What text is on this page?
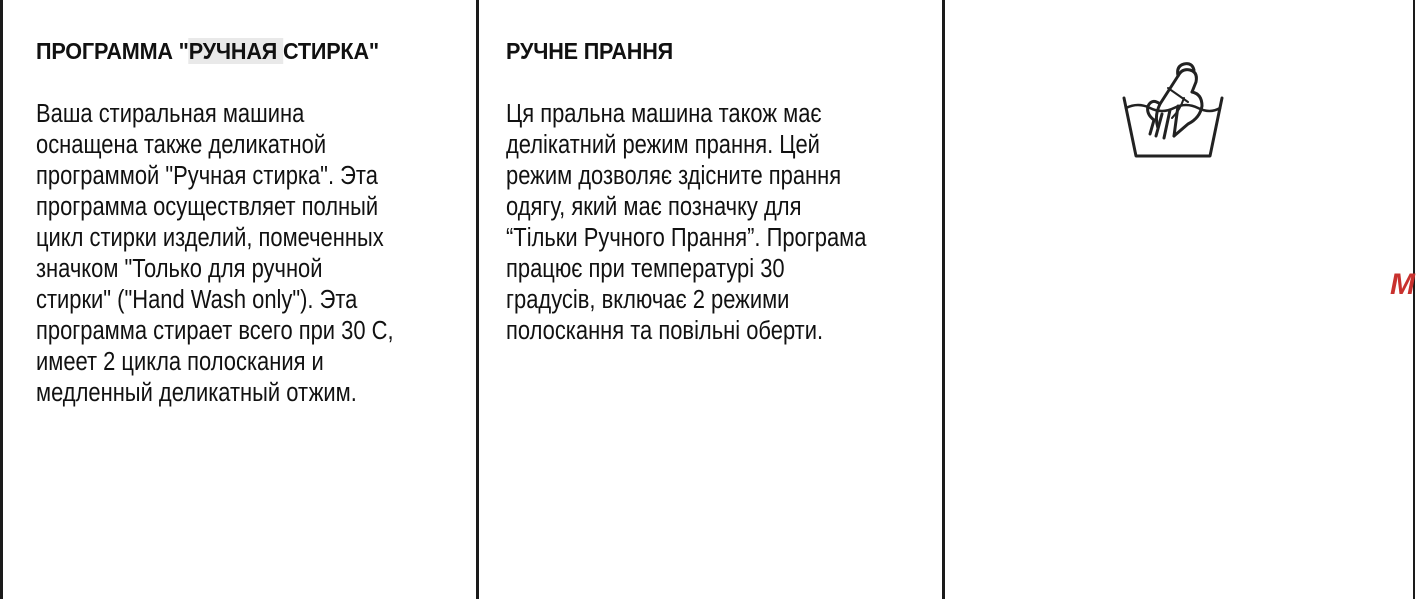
ПРОГРАММА "РУЧНАЯ СТИРКА"
Ваша стиральная машина
оснащена также деликатной
программой "Ручная стирка". Эта
программа осуществляет полный
цикл стирки изделий, помеченных
значком "Только для ручной
стирки" ("Hand Wash only"). Эта
программа стирает всего при 30 С,
имеет 2 цикла полоскания и
медленный деликатный отжим.
РУЧНЕ ПРАННЯ
Ця пральна машина також має
делікатний режим прання. Цей
режим дозволяє здісните прання
одягу, який має позначку для
“Тільки Ручного Прання”. Програма
працює при температурі 30
градусів, включає 2 режими
полоскання та повільні оберти.
М
